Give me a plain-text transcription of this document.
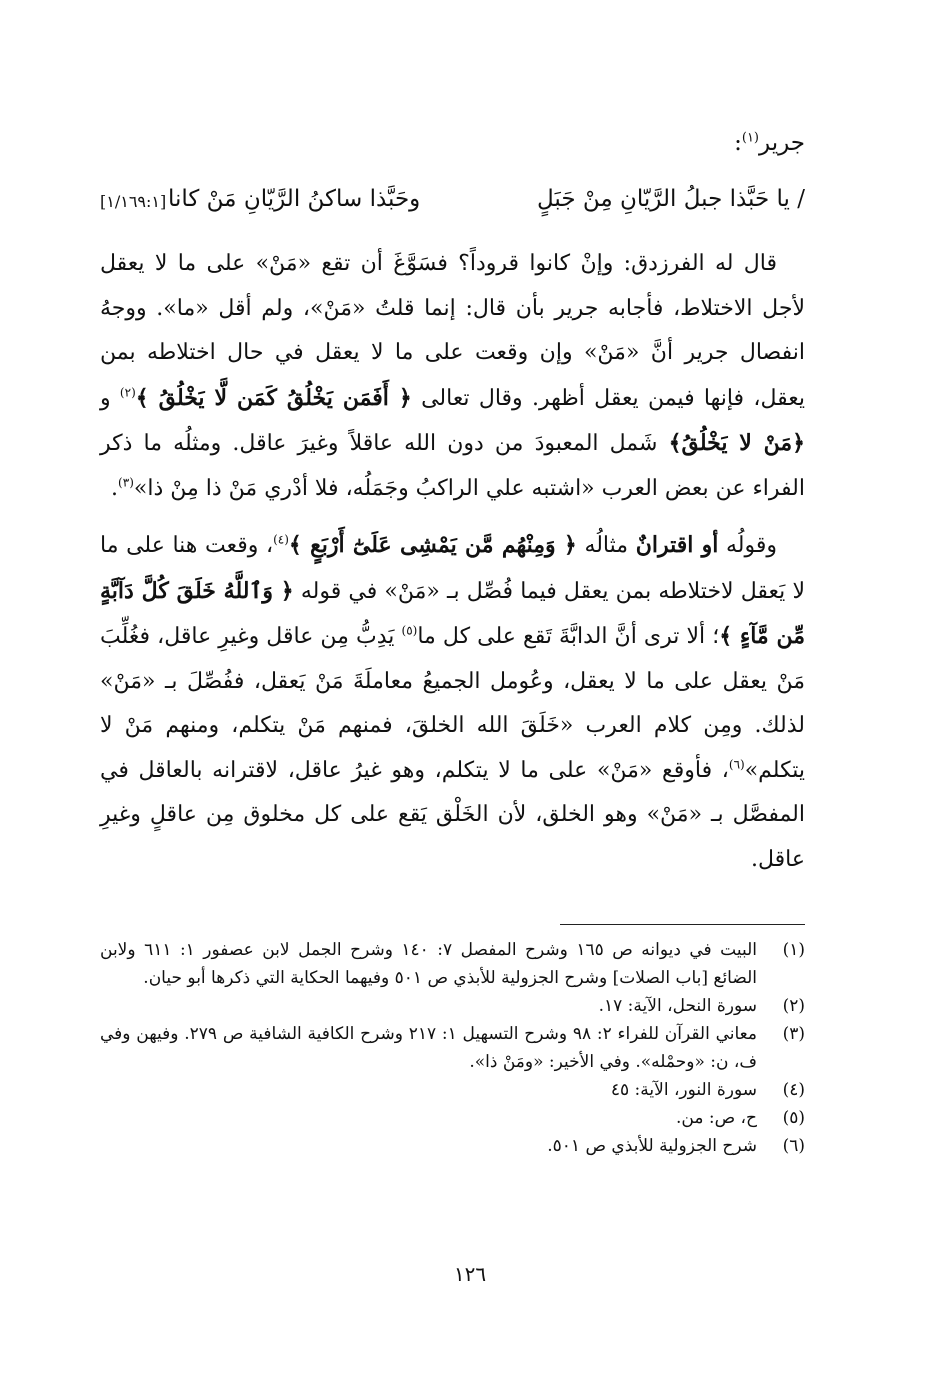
جرير$^{(١)}$:
/ يا حَبَّذا جبلُ الرَّيّانِ مِنْ جَبَلٍ
وحَبَّذا ساكنُ الرَّيّانِ مَنْ كانا
[١/١٦٩:١]

قال له الفرزدق: وإنْ كانوا قروداً؟ فسَوَّغَ أن تقع «مَنْ» على ما لا يعقل لأجل الاختلاط، فأجابه جرير بأن قال: إنما قلتُ «مَنْ»، ولم أقل «ما». ووجهُ انفصال جرير أنَّ «مَنْ» وإن وقعت على ما لا يعقل في حال اختلاطه بمن يعقل، فإنها فيمن يعقل أظهر. وقال تعالى ﴿ أَفَمَن يَخْلُقُ كَمَن لَّا يَخْلُقُ ﴾$^{(٢)}$ و ﴿مَنْ لا يَخْلُقُ﴾ شَمل المعبودَ من دون الله عاقلاً وغيرَ عاقل. ومثلُه ما ذكر الفراء عن بعض العرب «اشتبه علي الراكبُ وجَمَلُه، فلا أدْري مَنْ ذا مِنْ ذا»$^{(٣)}$.

وقولُه أو اقترانٌ مثالُه ﴿ وَمِنْهُم مَّن يَمْشِى عَلَىٰٓ أَرْبَعٍ ﴾$^{(٤)}$، وقعت هنا على ما لا يَعقل لاختلاطه بمن يعقل فيما فُصِّل بـ «مَنْ» في قوله ﴿ وَٱللَّهُ خَلَقَ كُلَّ دَآبَّةٍ مِّن مَّآءٍ ﴾؛ ألا ترى أنَّ الدابَّةَ تَقع على كل ما$^{(٥)}$ يَدِبُّ مِن عاقل وغيرِ عاقل، فغُلِّبَ مَنْ يعقل على ما لا يعقل، وعُومل الجميعُ معاملَةَ مَنْ يَعقل، ففُصِّلَ بـ «مَنْ» لذلك. ومِن كلام العرب «خَلَقَ الله الخلقَ، فمنهم مَنْ يتكلم، ومنهم مَنْ لا يتكلم»$^{(٦)}$، فأوقع «مَنْ» على ما لا يتكلم، وهو غيرُ عاقل، لاقترانه بالعاقل في المفصَّل بـ «مَنْ» وهو الخلق، لأن الخَلْق يَقع على كل مخلوق مِن عاقلٍ وغيرِ عاقل.

(١)
البيت في ديوانه ص ١٦٥ وشرح المفصل ٧: ١٤٠ وشرح الجمل لابن عصفور ١: ٦١١ ولابن الضائع [باب الصلات] وشرح الجزولية للأبذي ص ٥٠١ وفيهما الحكاية التي ذكرها أبو حيان.
(٢)
سورة النحل، الآية: ١٧.
(٣)
معاني القرآن للفراء ٢: ٩٨ وشرح التسهيل ١: ٢١٧ وشرح الكافية الشافية ص ٢٧٩. وفيهن وفي ف، ن: «وحمْله». وفي الأخير: «ومَنْ ذا».
(٤)
سورة النور، الآية: ٤٥
(٥)
ح، ص: من.
(٦)
شرح الجزولية للأبذي ص ٥٠١.
١٢٦
